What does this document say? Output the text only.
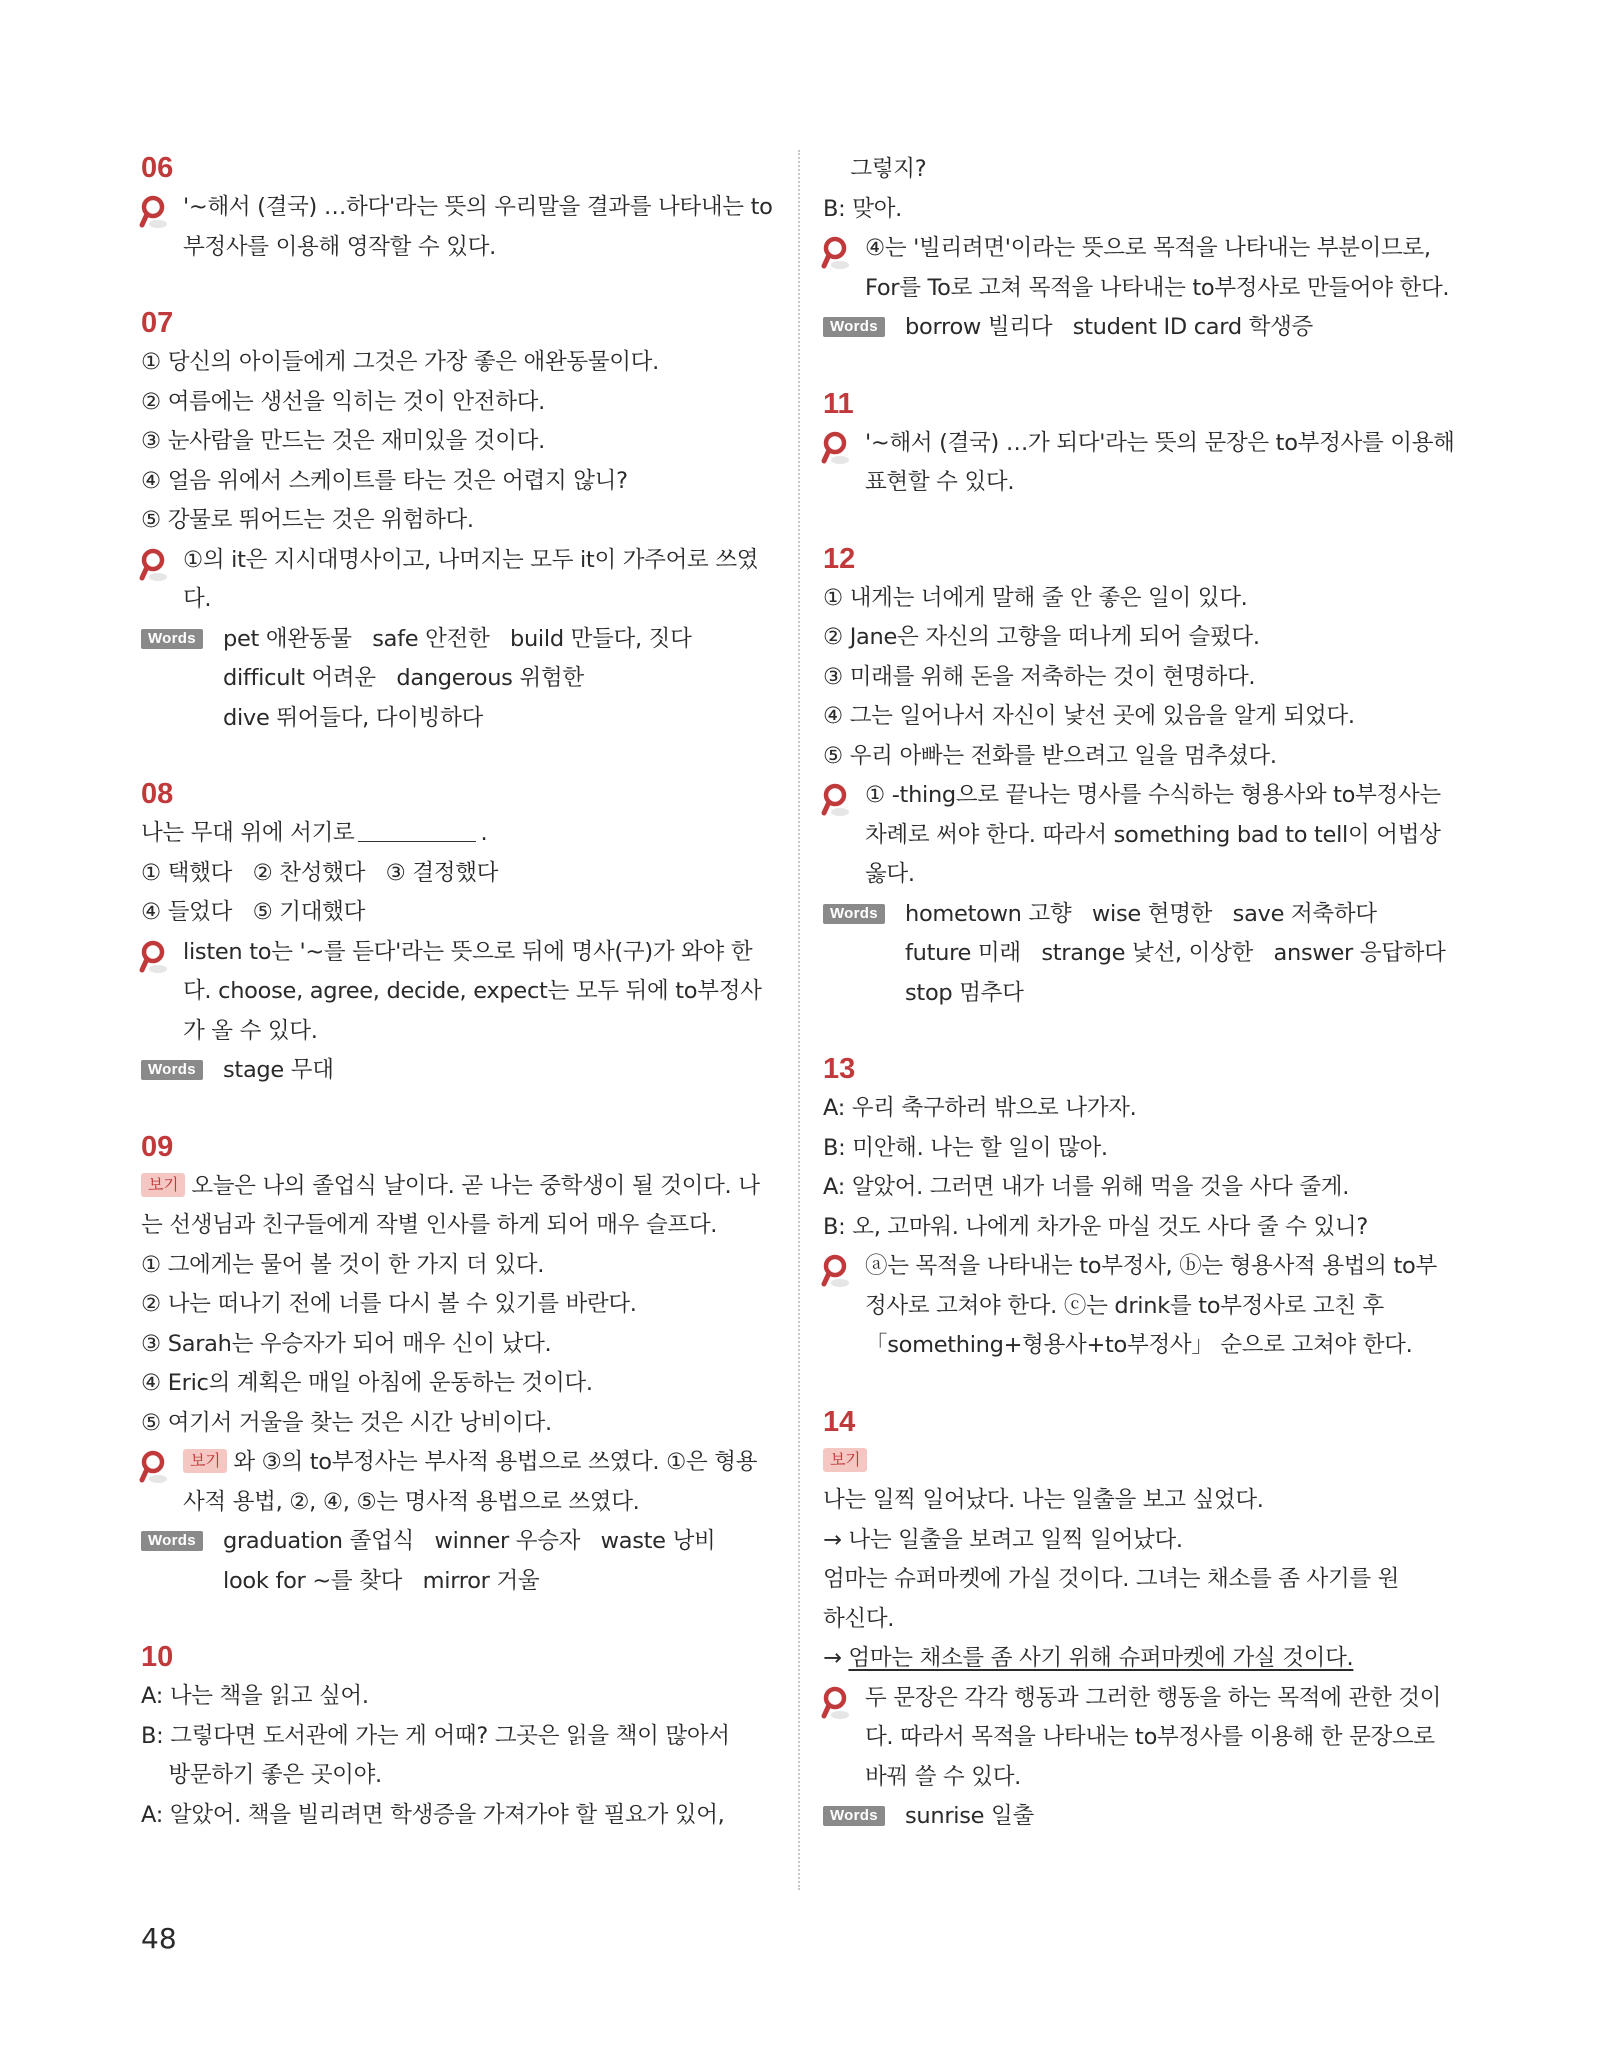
06
'~해서 (결국) …하다'라는 뜻의 우리말을 결과를 나타내는 to부정사를 이용해 영작할 수 있다.
07
① 당신의 아이들에게 그것은 가장 좋은 애완동물이다.
② 여름에는 생선을 익히는 것이 안전하다.
③ 눈사람을 만드는 것은 재미있을 것이다.
④ 얼음 위에서 스케이트를 타는 것은 어렵지 않니?
⑤ 강물로 뛰어드는 것은 위험하다.
①의 it은 지시대명사이고, 나머지는 모두 it이 가주어로 쓰였다.
Words	pet 애완동물   safe 안전한   build 만들다, 짓다
difficult 어려운   dangerous 위험한
dive 뛰어들다, 다이빙하다
08
나는 무대 위에 서기로	.
① 택했다   ② 찬성했다   ③ 결정했다
④ 들었다   ⑤ 기대했다
listen to는 '~를 듣다'라는 뜻으로 뒤에 명사(구)가 와야 한다. choose, agree, decide, expect는 모두 뒤에 to부정사가 올 수 있다.
Words	stage 무대
09
보기 오늘은 나의 졸업식 날이다. 곧 나는 중학생이 될 것이다. 나는 선생님과 친구들에게 작별 인사를 하게 되어 매우 슬프다.
① 그에게는 물어 볼 것이 한 가지 더 있다.
② 나는 떠나기 전에 너를 다시 볼 수 있기를 바란다.
③ Sarah는 우승자가 되어 매우 신이 났다.
④ Eric의 계획은 매일 아침에 운동하는 것이다.
⑤ 여기서 거울을 찾는 것은 시간 낭비이다.
보기 와 ③의 to부정사는 부사적 용법으로 쓰였다. ①은 형용사적 용법, ②, ④, ⑤는 명사적 용법으로 쓰였다.
Words	graduation 졸업식   winner 우승자   waste 낭비
look for ~를 찾다   mirror 거울
10
A: 나는 책을 읽고 싶어.
B: 그렇다면 도서관에 가는 게 어때? 그곳은 읽을 책이 많아서
방문하기 좋은 곳이야.
A: 알았어. 책을 빌리려면 학생증을 가져가야 할 필요가 있어,
그렇지?
B: 맞아.
④는 '빌리려면'이라는 뜻으로 목적을 나타내는 부분이므로, For를 To로 고쳐 목적을 나타내는 to부정사로 만들어야 한다.
Words	borrow 빌리다   student ID card 학생증
11
'~해서 (결국) …가 되다'라는 뜻의 문장은 to부정사를 이용해 표현할 수 있다.
12
① 내게는 너에게 말해 줄 안 좋은 일이 있다.
② Jane은 자신의 고향을 떠나게 되어 슬펐다.
③ 미래를 위해 돈을 저축하는 것이 현명하다.
④ 그는 일어나서 자신이 낯선 곳에 있음을 알게 되었다.
⑤ 우리 아빠는 전화를 받으려고 일을 멈추셨다.
① -thing으로 끝나는 명사를 수식하는 형용사와 to부정사는 차례로 써야 한다. 따라서 something bad to tell이 어법상 옳다.
Words	hometown 고향   wise 현명한   save 저축하다
future 미래   strange 낯선, 이상한   answer 응답하다
stop 멈추다
13
A: 우리 축구하러 밖으로 나가자.
B: 미안해. 나는 할 일이 많아.
A: 알았어. 그러면 내가 너를 위해 먹을 것을 사다 줄게.
B: 오, 고마워. 나에게 차가운 마실 것도 사다 줄 수 있니?
ⓐ는 목적을 나타내는 to부정사, ⓑ는 형용사적 용법의 to부정사로 고쳐야 한다. ⓒ는 drink를 to부정사로 고친 후 「something+형용사+to부정사」 순으로 고쳐야 한다.
14
보기
나는 일찍 일어났다. 나는 일출을 보고 싶었다.
→ 나는 일출을 보려고 일찍 일어났다.
엄마는 슈퍼마켓에 가실 것이다. 그녀는 채소를 좀 사기를 원
하신다.
→ 엄마는 채소를 좀 사기 위해 슈퍼마켓에 가실 것이다.
두 문장은 각각 행동과 그러한 행동을 하는 목적에 관한 것이다. 따라서 목적을 나타내는 to부정사를 이용해 한 문장으로 바꿔 쓸 수 있다.
Words	sunrise 일출
48
